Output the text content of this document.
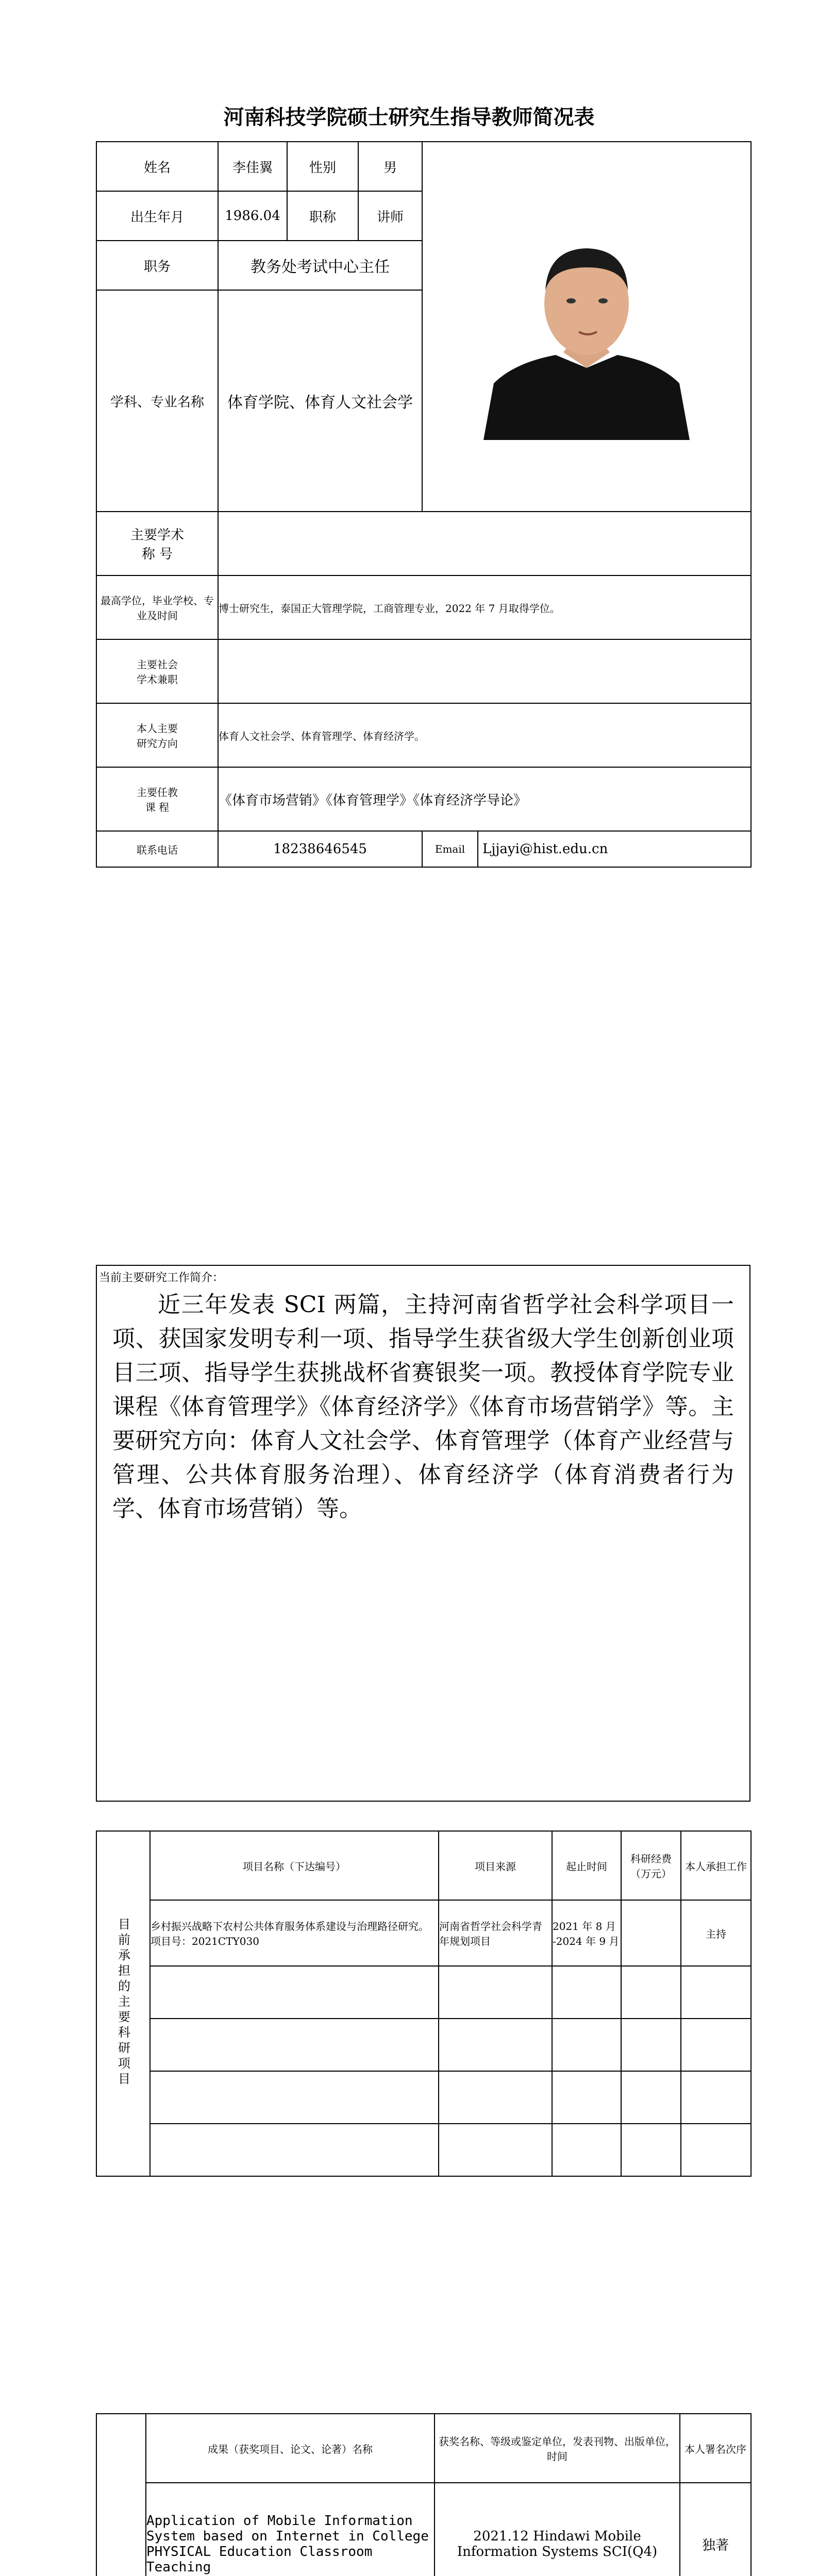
河南科技学院硕士研究生指导教师简况表
姓名	李佳翼	性别	男	

出生年月	1986.04	职称	讲师		
职务	教务处考试中心主任				
学科、专业名称	体育学院、体育人文社会学				

主要学术
称 号					

最高学位，毕业学校、专业及时间	博士研究生，泰国正大管理学院，工商管理专业，2022 年 7 月取得学位。				

主要社会
学术兼职					

本人主要
研究方向	体育人文社会学、体育管理学、体育经济学。				

主要任教
课 程	《体育市场营销》《体育管理学》《体育经济学导论》				
联系电话	18238646545			Email	Ljjayi@hist.edu.cn
当前主要研究工作简介：
近三年发表 SCI 两篇，主持河南省哲学社会科学项目一项、获国家发明专利一项、指导学生获省级大学生创新创业项目三项、指导学生获挑战杯省赛银奖一项。教授体育学院专业课程《体育管理学》《体育经济学》《体育市场营销学》等。主要研究方向：体育人文社会学、体育管理学（体育产业经营与管理、公共体育服务治理）、体育经济学（体育消费者行为学、体育市场营销）等。
目前承担的主要科研项目	项目名称（下达编号）	项目来源	起止时间	科研经费（万元）	本人承担工作
	乡村振兴战略下农村公共体育服务体系建设与治理路径研究。项目号：2021CTY030	河南省哲学社会科学青年规划项目	2021 年 8 月 -2024 年 9 月		主持

	成果（获奖项目、论文、论著）名称	获奖名称、等级或鉴定单位，发表刊物、出版单位，时间	本人署名次序
	Application of Mobile Information System based on Internet in College PHYSICAL Education Classroom Teaching	2021.12 Hindawi Mobile Information Systems SCI(Q4)	独著
